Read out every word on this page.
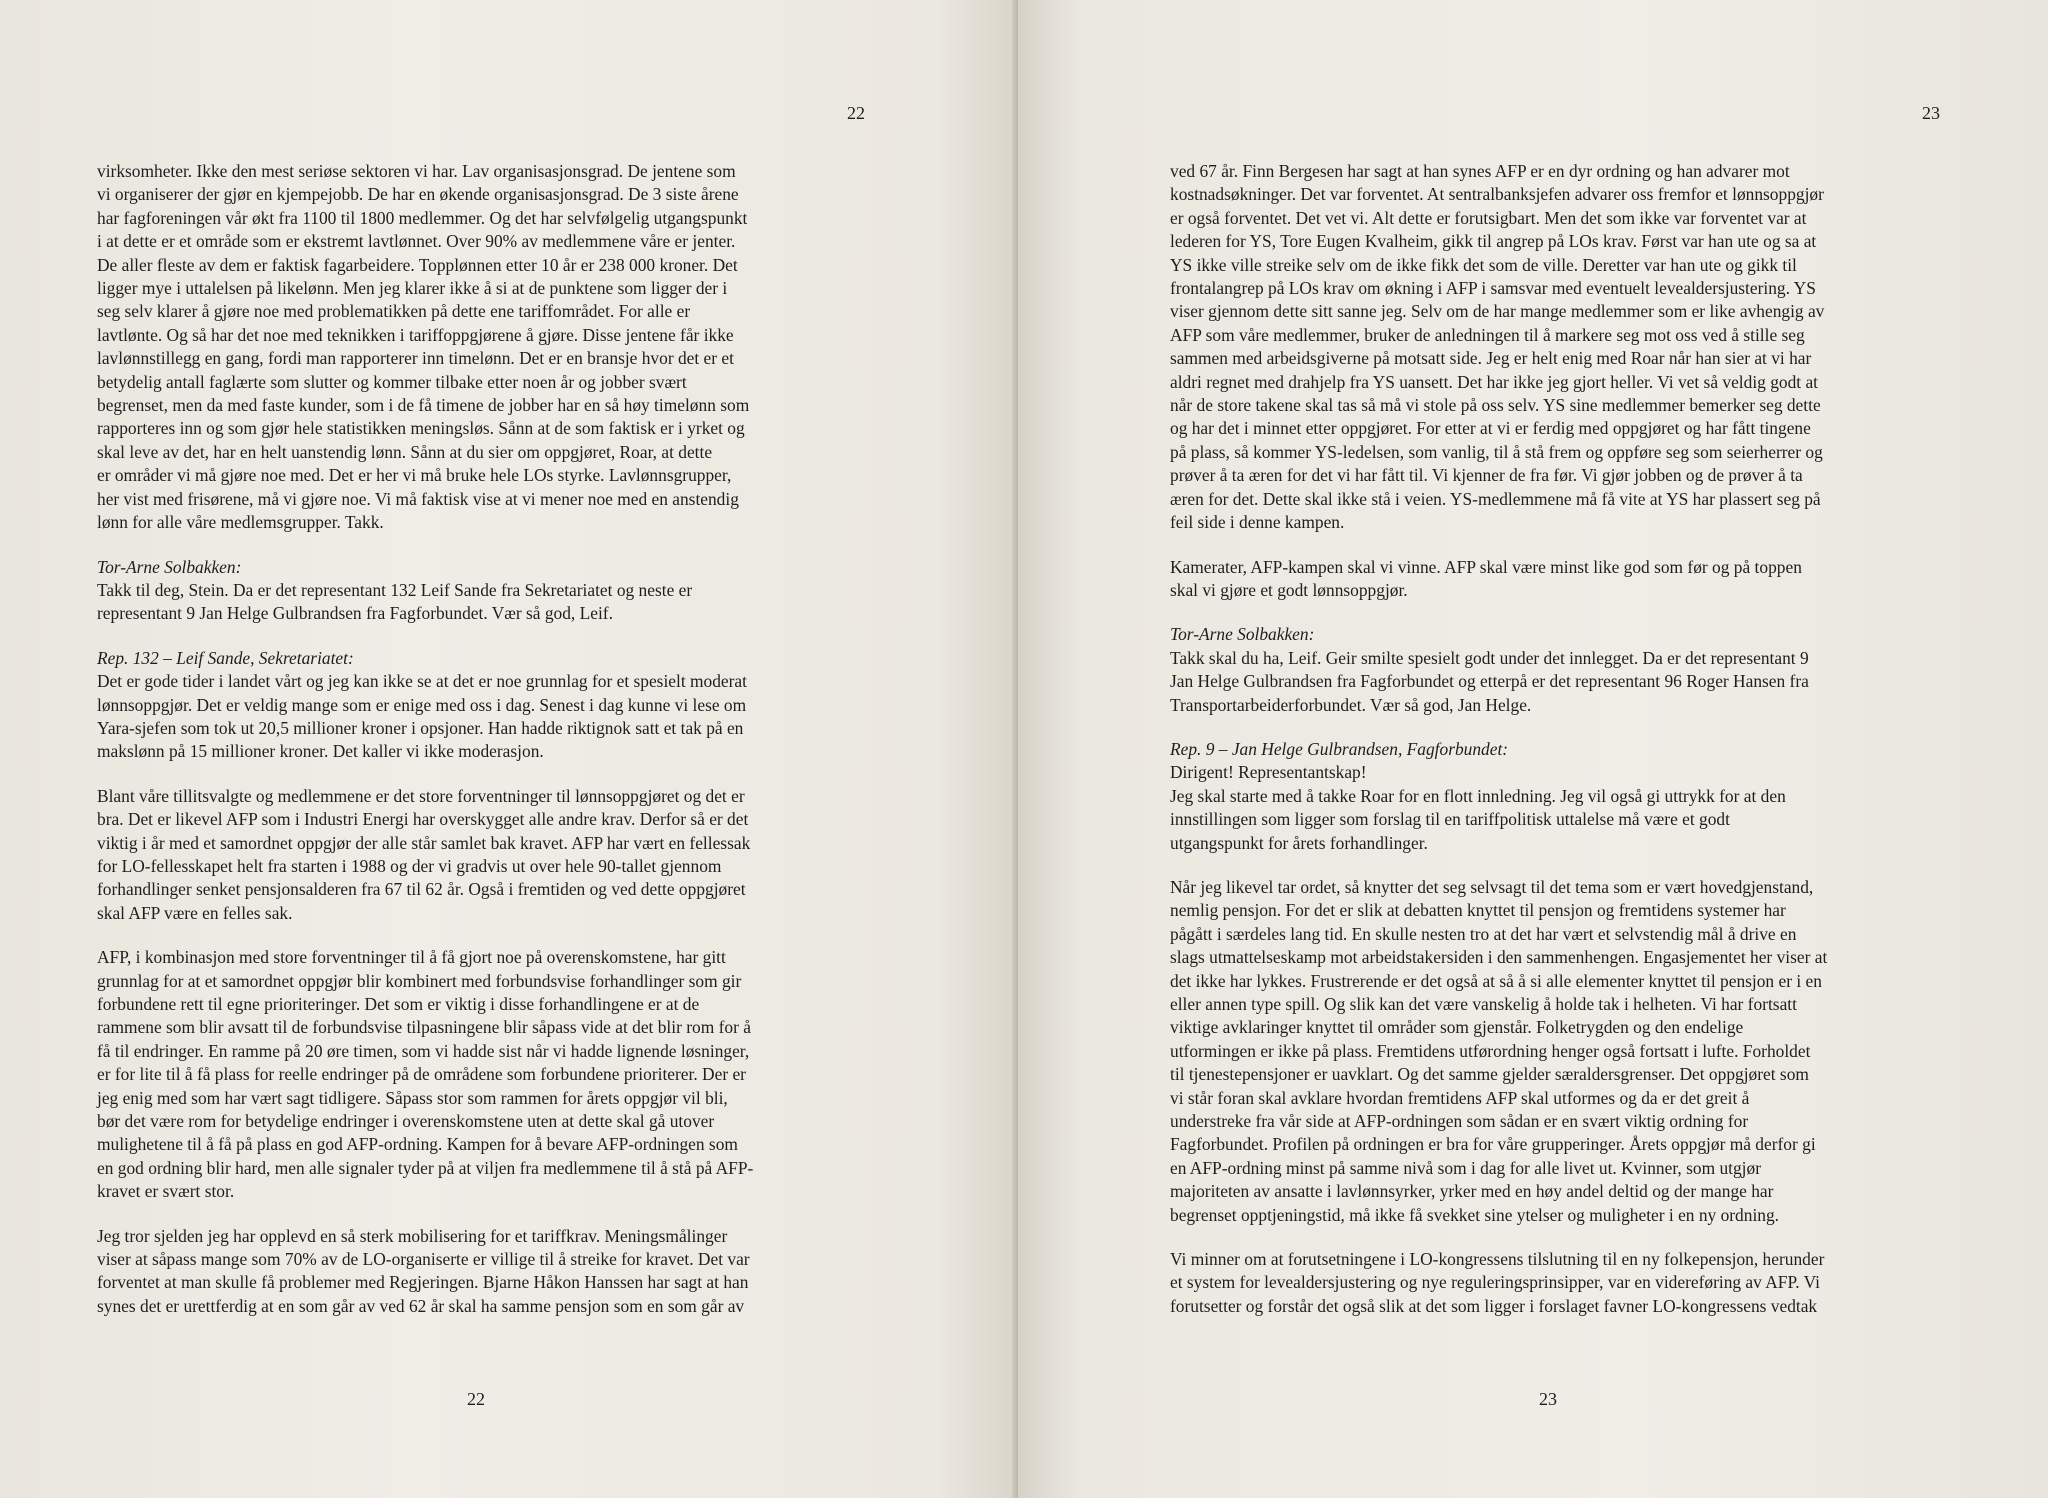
22

virksomheter. Ikke den mest seriøse sektoren vi har. Lav organisasjonsgrad. De jentene som
vi organiserer der gjør en kjempejobb. De har en økende organisasjonsgrad. De 3 siste årene
har fagforeningen vår økt fra 1100 til 1800 medlemmer. Og det har selvfølgelig utgangspunkt
i at dette er et område som er ekstremt lavtlønnet. Over 90% av medlemmene våre er jenter.
De aller fleste av dem er faktisk fagarbeidere. Topplønnen etter 10 år er 238 000 kroner. Det
ligger mye i uttalelsen på likelønn. Men jeg klarer ikke å si at de punktene som ligger der i
seg selv klarer å gjøre noe med problematikken på dette ene tariffområdet. For alle er
lavtlønte. Og så har det noe med teknikken i tariffoppgjørene å gjøre. Disse jentene får ikke
lavlønnstillegg en gang, fordi man rapporterer inn timelønn. Det er en bransje hvor det er et
betydelig antall faglærte som slutter og kommer tilbake etter noen år og jobber svært
begrenset, men da med faste kunder, som i de få timene de jobber har en så høy timelønn som
rapporteres inn og som gjør hele statistikken meningsløs. Sånn at de som faktisk er i yrket og
skal leve av det, har en helt uanstendig lønn. Sånn at du sier om oppgjøret, Roar, at dette
er områder vi må gjøre noe med. Det er her vi må bruke hele LOs styrke. Lavlønnsgrupper,
her vist med frisørene, må vi gjøre noe. Vi må faktisk vise at vi mener noe med en anstendig
lønn for alle våre medlemsgrupper. Takk.

Tor-Arne Solbakken:
Takk til deg, Stein. Da er det representant 132 Leif Sande fra Sekretariatet og neste er
representant 9 Jan Helge Gulbrandsen fra Fagforbundet. Vær så god, Leif.

Rep. 132 – Leif Sande, Sekretariatet:
Det er gode tider i landet vårt og jeg kan ikke se at det er noe grunnlag for et spesielt moderat
lønnsoppgjør. Det er veldig mange som er enige med oss i dag. Senest i dag kunne vi lese om
Yara-sjefen som tok ut 20,5 millioner kroner i opsjoner. Han hadde riktignok satt et tak på en
makslønn på 15 millioner kroner. Det kaller vi ikke moderasjon.

Blant våre tillitsvalgte og medlemmene er det store forventninger til lønnsoppgjøret og det er
bra. Det er likevel AFP som i Industri Energi har overskygget alle andre krav. Derfor så er det
viktig i år med et samordnet oppgjør der alle står samlet bak kravet. AFP har vært en fellessak
for LO-fellesskapet helt fra starten i 1988 og der vi gradvis ut over hele 90-tallet gjennom
forhandlinger senket pensjonsalderen fra 67 til 62 år. Også i fremtiden og ved dette oppgjøret
skal AFP være en felles sak.

AFP, i kombinasjon med store forventninger til å få gjort noe på overenskomstene, har gitt
grunnlag for at et samordnet oppgjør blir kombinert med forbundsvise forhandlinger som gir
forbundene rett til egne prioriteringer. Det som er viktig i disse forhandlingene er at de
rammene som blir avsatt til de forbundsvise tilpasningene blir såpass vide at det blir rom for å
få til endringer. En ramme på 20 øre timen, som vi hadde sist når vi hadde lignende løsninger,
er for lite til å få plass for reelle endringer på de områdene som forbundene prioriterer. Der er
jeg enig med som har vært sagt tidligere. Såpass stor som rammen for årets oppgjør vil bli,
bør det være rom for betydelige endringer i overenskomstene uten at dette skal gå utover
mulighetene til å få på plass en god AFP-ordning. Kampen for å bevare AFP-ordningen som
en god ordning blir hard, men alle signaler tyder på at viljen fra medlemmene til å stå på AFP-
kravet er svært stor.

Jeg tror sjelden jeg har opplevd en så sterk mobilisering for et tariffkrav. Meningsmålinger
viser at såpass mange som 70% av de LO-organiserte er villige til å streike for kravet. Det var
forventet at man skulle få problemer med Regjeringen. Bjarne Håkon Hanssen har sagt at han
synes det er urettferdig at en som går av ved 62 år skal ha samme pensjon som en som går av

22
23

ved 67 år. Finn Bergesen har sagt at han synes AFP er en dyr ordning og han advarer mot
kostnadsøkninger. Det var forventet. At sentralbanksjefen advarer oss fremfor et lønnsoppgjør
er også forventet. Det vet vi. Alt dette er forutsigbart. Men det som ikke var forventet var at
lederen for YS, Tore Eugen Kvalheim, gikk til angrep på LOs krav. Først var han ute og sa at
YS ikke ville streike selv om de ikke fikk det som de ville. Deretter var han ute og gikk til
frontalangrep på LOs krav om økning i AFP i samsvar med eventuelt levealdersjustering. YS
viser gjennom dette sitt sanne jeg. Selv om de har mange medlemmer som er like avhengig av
AFP som våre medlemmer, bruker de anledningen til å markere seg mot oss ved å stille seg
sammen med arbeidsgiverne på motsatt side. Jeg er helt enig med Roar når han sier at vi har
aldri regnet med drahjelp fra YS uansett. Det har ikke jeg gjort heller. Vi vet så veldig godt at
når de store takene skal tas så må vi stole på oss selv. YS sine medlemmer bemerker seg dette
og har det i minnet etter oppgjøret. For etter at vi er ferdig med oppgjøret og har fått tingene
på plass, så kommer YS-ledelsen, som vanlig, til å stå frem og oppføre seg som seierherrer og
prøver å ta æren for det vi har fått til. Vi kjenner de fra før. Vi gjør jobben og de prøver å ta
æren for det. Dette skal ikke stå i veien. YS-medlemmene må få vite at YS har plassert seg på
feil side i denne kampen.

Kamerater, AFP-kampen skal vi vinne. AFP skal være minst like god som før og på toppen
skal vi gjøre et godt lønnsoppgjør.

Tor-Arne Solbakken:
Takk skal du ha, Leif. Geir smilte spesielt godt under det innlegget. Da er det representant 9
Jan Helge Gulbrandsen fra Fagforbundet og etterpå er det representant 96 Roger Hansen fra
Transportarbeiderforbundet. Vær så god, Jan Helge.

Rep. 9 – Jan Helge Gulbrandsen, Fagforbundet:
Dirigent! Representantskap!
Jeg skal starte med å takke Roar for en flott innledning. Jeg vil også gi uttrykk for at den
innstillingen som ligger som forslag til en tariffpolitisk uttalelse må være et godt
utgangspunkt for årets forhandlinger.

Når jeg likevel tar ordet, så knytter det seg selvsagt til det tema som er vært hovedgjenstand,
nemlig pensjon. For det er slik at debatten knyttet til pensjon og fremtidens systemer har
pågått i særdeles lang tid. En skulle nesten tro at det har vært et selvstendig mål å drive en
slags utmattelseskamp mot arbeidstakersiden i den sammenhengen. Engasjementet her viser at
det ikke har lykkes. Frustrerende er det også at så å si alle elementer knyttet til pensjon er i en
eller annen type spill. Og slik kan det være vanskelig å holde tak i helheten. Vi har fortsatt
viktige avklaringer knyttet til områder som gjenstår. Folketrygden og den endelige
utformingen er ikke på plass. Fremtidens utførordning henger også fortsatt i lufte. Forholdet
til tjenestepensjoner er uavklart. Og det samme gjelder særaldersgrenser. Det oppgjøret som
vi står foran skal avklare hvordan fremtidens AFP skal utformes og da er det greit å
understreke fra vår side at AFP-ordningen som sådan er en svært viktig ordning for
Fagforbundet. Profilen på ordningen er bra for våre grupperinger. Årets oppgjør må derfor gi
en AFP-ordning minst på samme nivå som i dag for alle livet ut. Kvinner, som utgjør
majoriteten av ansatte i lavlønnsyrker, yrker med en høy andel deltid og der mange har
begrenset opptjeningstid, må ikke få svekket sine ytelser og muligheter i en ny ordning.

Vi minner om at forutsetningene i LO-kongressens tilslutning til en ny folkepensjon, herunder
et system for levealdersjustering og nye reguleringsprinsipper, var en videreføring av AFP. Vi
forutsetter og forstår det også slik at det som ligger i forslaget favner LO-kongressens vedtak

23
